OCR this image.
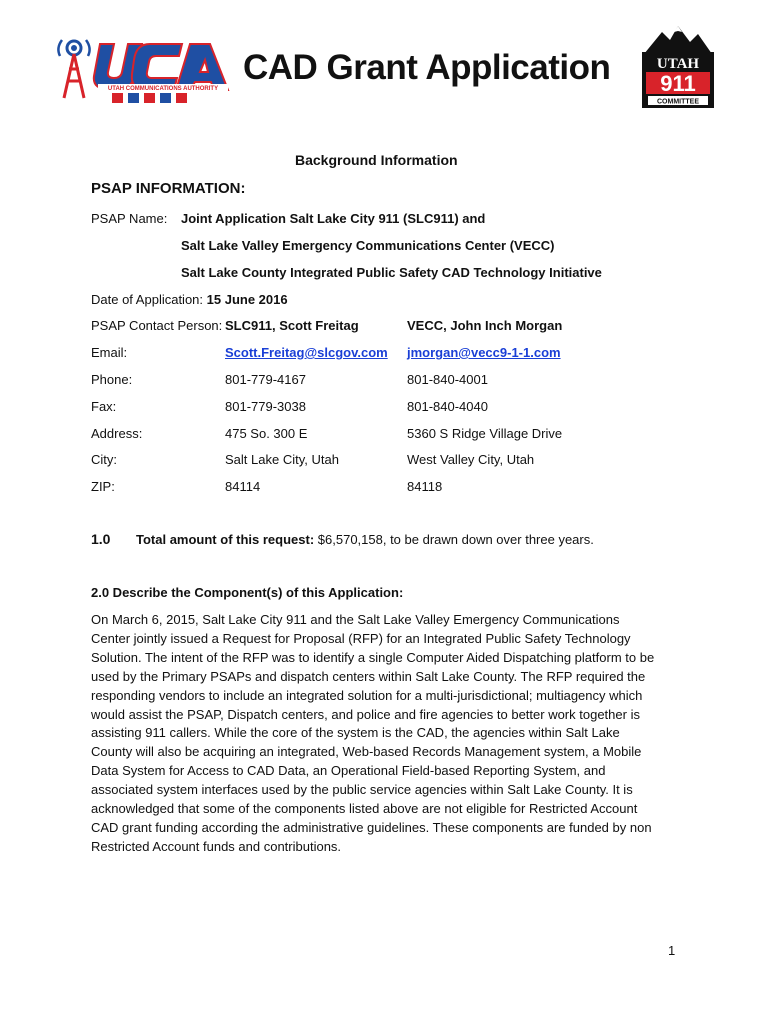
UTAH COMMUNICATIONS AUTHORITY
CAD Grant Application	UTAH
911
COMMITTEE
Background Information
PSAP INFORMATION:
PSAP Name: Joint Application Salt Lake City 911 (SLC911) and
Salt Lake Valley Emergency Communications Center (VECC)
Salt Lake County Integrated Public Safety CAD Technology Initiative
Date of Application: 15 June 2016
PSAP Contact Person: SLC911, Scott Freitag	VECC, John Inch Morgan
Email:	Scott.Freitag@slcgov.com jmorgan@vecc9-1-1.com
Phone:	801-779-4167	801-840-4001
Fax:	801-779-3038	801-840-4040
Address:	475 So. 300 E	5360 S Ridge Village Drive
City:	Salt Lake City, Utah	West Valley City, Utah
ZIP:	84114	84118
1.0 Total amount of this request: $6,570,158, to be drawn down over three years.
2.0 Describe the Component(s) of this Application:
On March 6, 2015, Salt Lake City 911 and the Salt Lake Valley Emergency Communications Center jointly issued a Request for Proposal (RFP) for an Integrated Public Safety Technology Solution. The intent of the RFP was to identify a single Computer Aided Dispatching platform to be used by the Primary PSAPs and dispatch centers within Salt Lake County. The RFP required the responding vendors to include an integrated solution for a multi-jurisdictional; multiagency which would assist the PSAP, Dispatch centers, and police and fire agencies to better work together is assisting 911 callers. While the core of the system is the CAD, the agencies within Salt Lake County will also be acquiring an integrated, Web-based Records Management system, a Mobile Data System for Access to CAD Data, an Operational Field-based Reporting System, and associated system interfaces used by the public service agencies within Salt Lake County. It is acknowledged that some of the components listed above are not eligible for Restricted Account CAD grant funding according the administrative guidelines. These components are funded by non Restricted Account funds and contributions.
1
